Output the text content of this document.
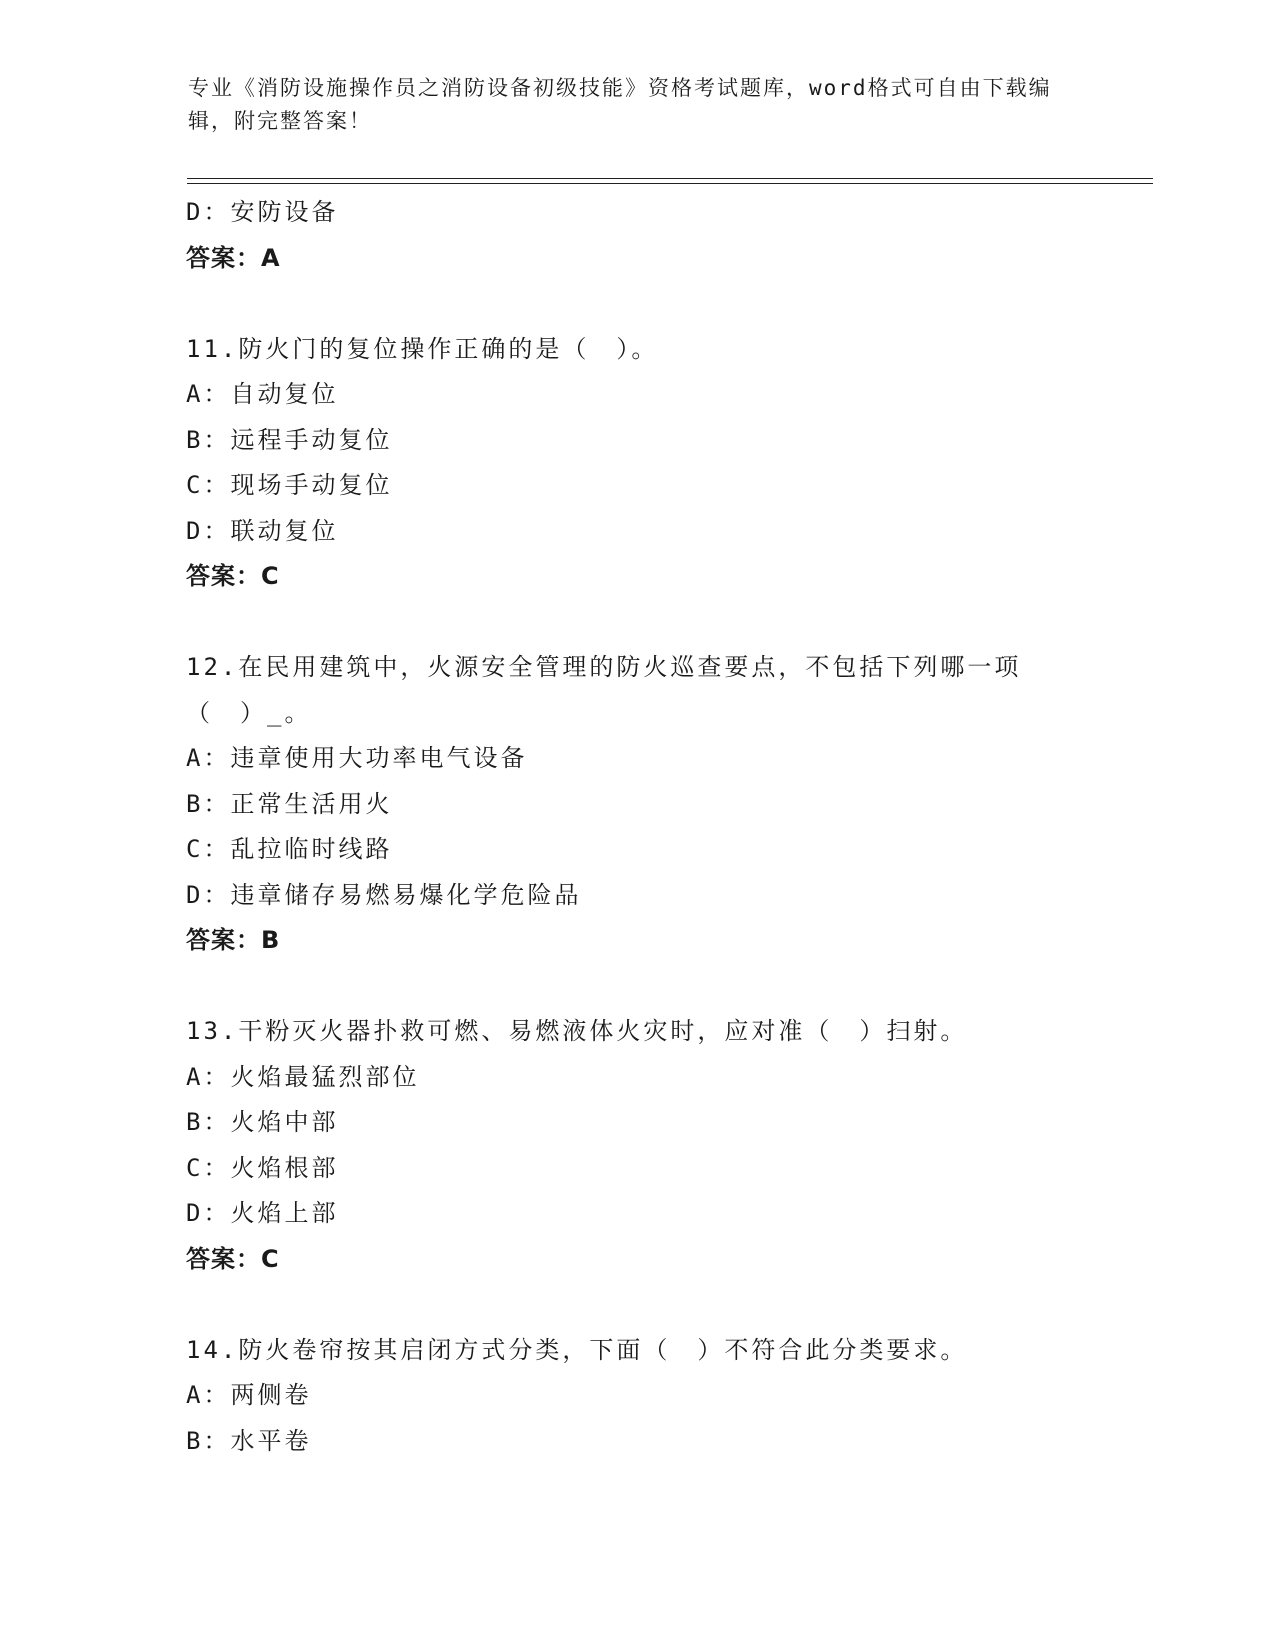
专业《消防设施操作员之消防设备初级技能》资格考试题库，word格式可自由下载编辑，附完整答案！
D：安防设备
答案：A
11.防火门的复位操作正确的是（　）。
A：自动复位
B：远程手动复位
C：现场手动复位
D：联动复位
答案：C
12.在民用建筑中，火源安全管理的防火巡查要点，不包括下列哪一项（　）_。
A：违章使用大功率电气设备
B：正常生活用火
C：乱拉临时线路
D：违章储存易燃易爆化学危险品
答案：B
13.干粉灭火器扑救可燃、易燃液体火灾时，应对准（　）扫射。
A：火焰最猛烈部位
B：火焰中部
C：火焰根部
D：火焰上部
答案：C
14.防火卷帘按其启闭方式分类，下面（　）不符合此分类要求。
A：两侧卷
B：水平卷
